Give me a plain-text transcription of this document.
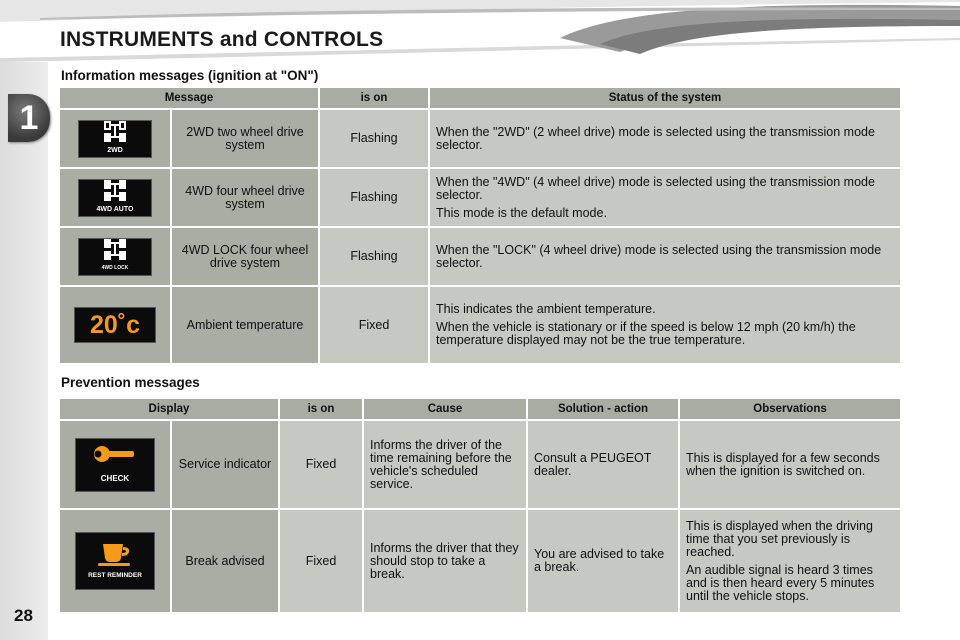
INSTRUMENTS and CONTROLS
1
28
Information messages (ignition at "ON")
Message		is on	Status of the system

2WD	2WD two wheel drive system	Flashing	When the "2WD" (2 wheel drive) mode is selected using the transmission mode selector.

4WD AUTO	4WD four wheel drive system	Flashing	When the "4WD" (4 wheel drive) mode is selected using the transmission mode selector.

This mode is the default mode.

4WD LOCK	4WD LOCK four wheel drive system	Flashing	When the "LOCK" (4 wheel drive) mode is selected using the transmission mode selector.

20˚c	Ambient temperature	Fixed	This indicates the ambient temperature.

When the vehicle is stationary or if the speed is below 12 mph (20 km/h) the temperature displayed may not be the true temperature.

Prevention messages
Display		is on	Cause	Solution - action	Observations

CHECK	Service indicator	Fixed	Informs the driver of the time remaining before the vehicle's scheduled service.	Consult a PEUGEOT dealer.	This is displayed for a few seconds when the ignition is switched on.

REST REMINDER	Break advised	Fixed	Informs the driver that they should stop to take a break.	You are advised to take a break.	This is displayed when the driving time that you set previously is reached.

An audible signal is heard 3 times and is then heard every 5 minutes until the vehicle stops.
